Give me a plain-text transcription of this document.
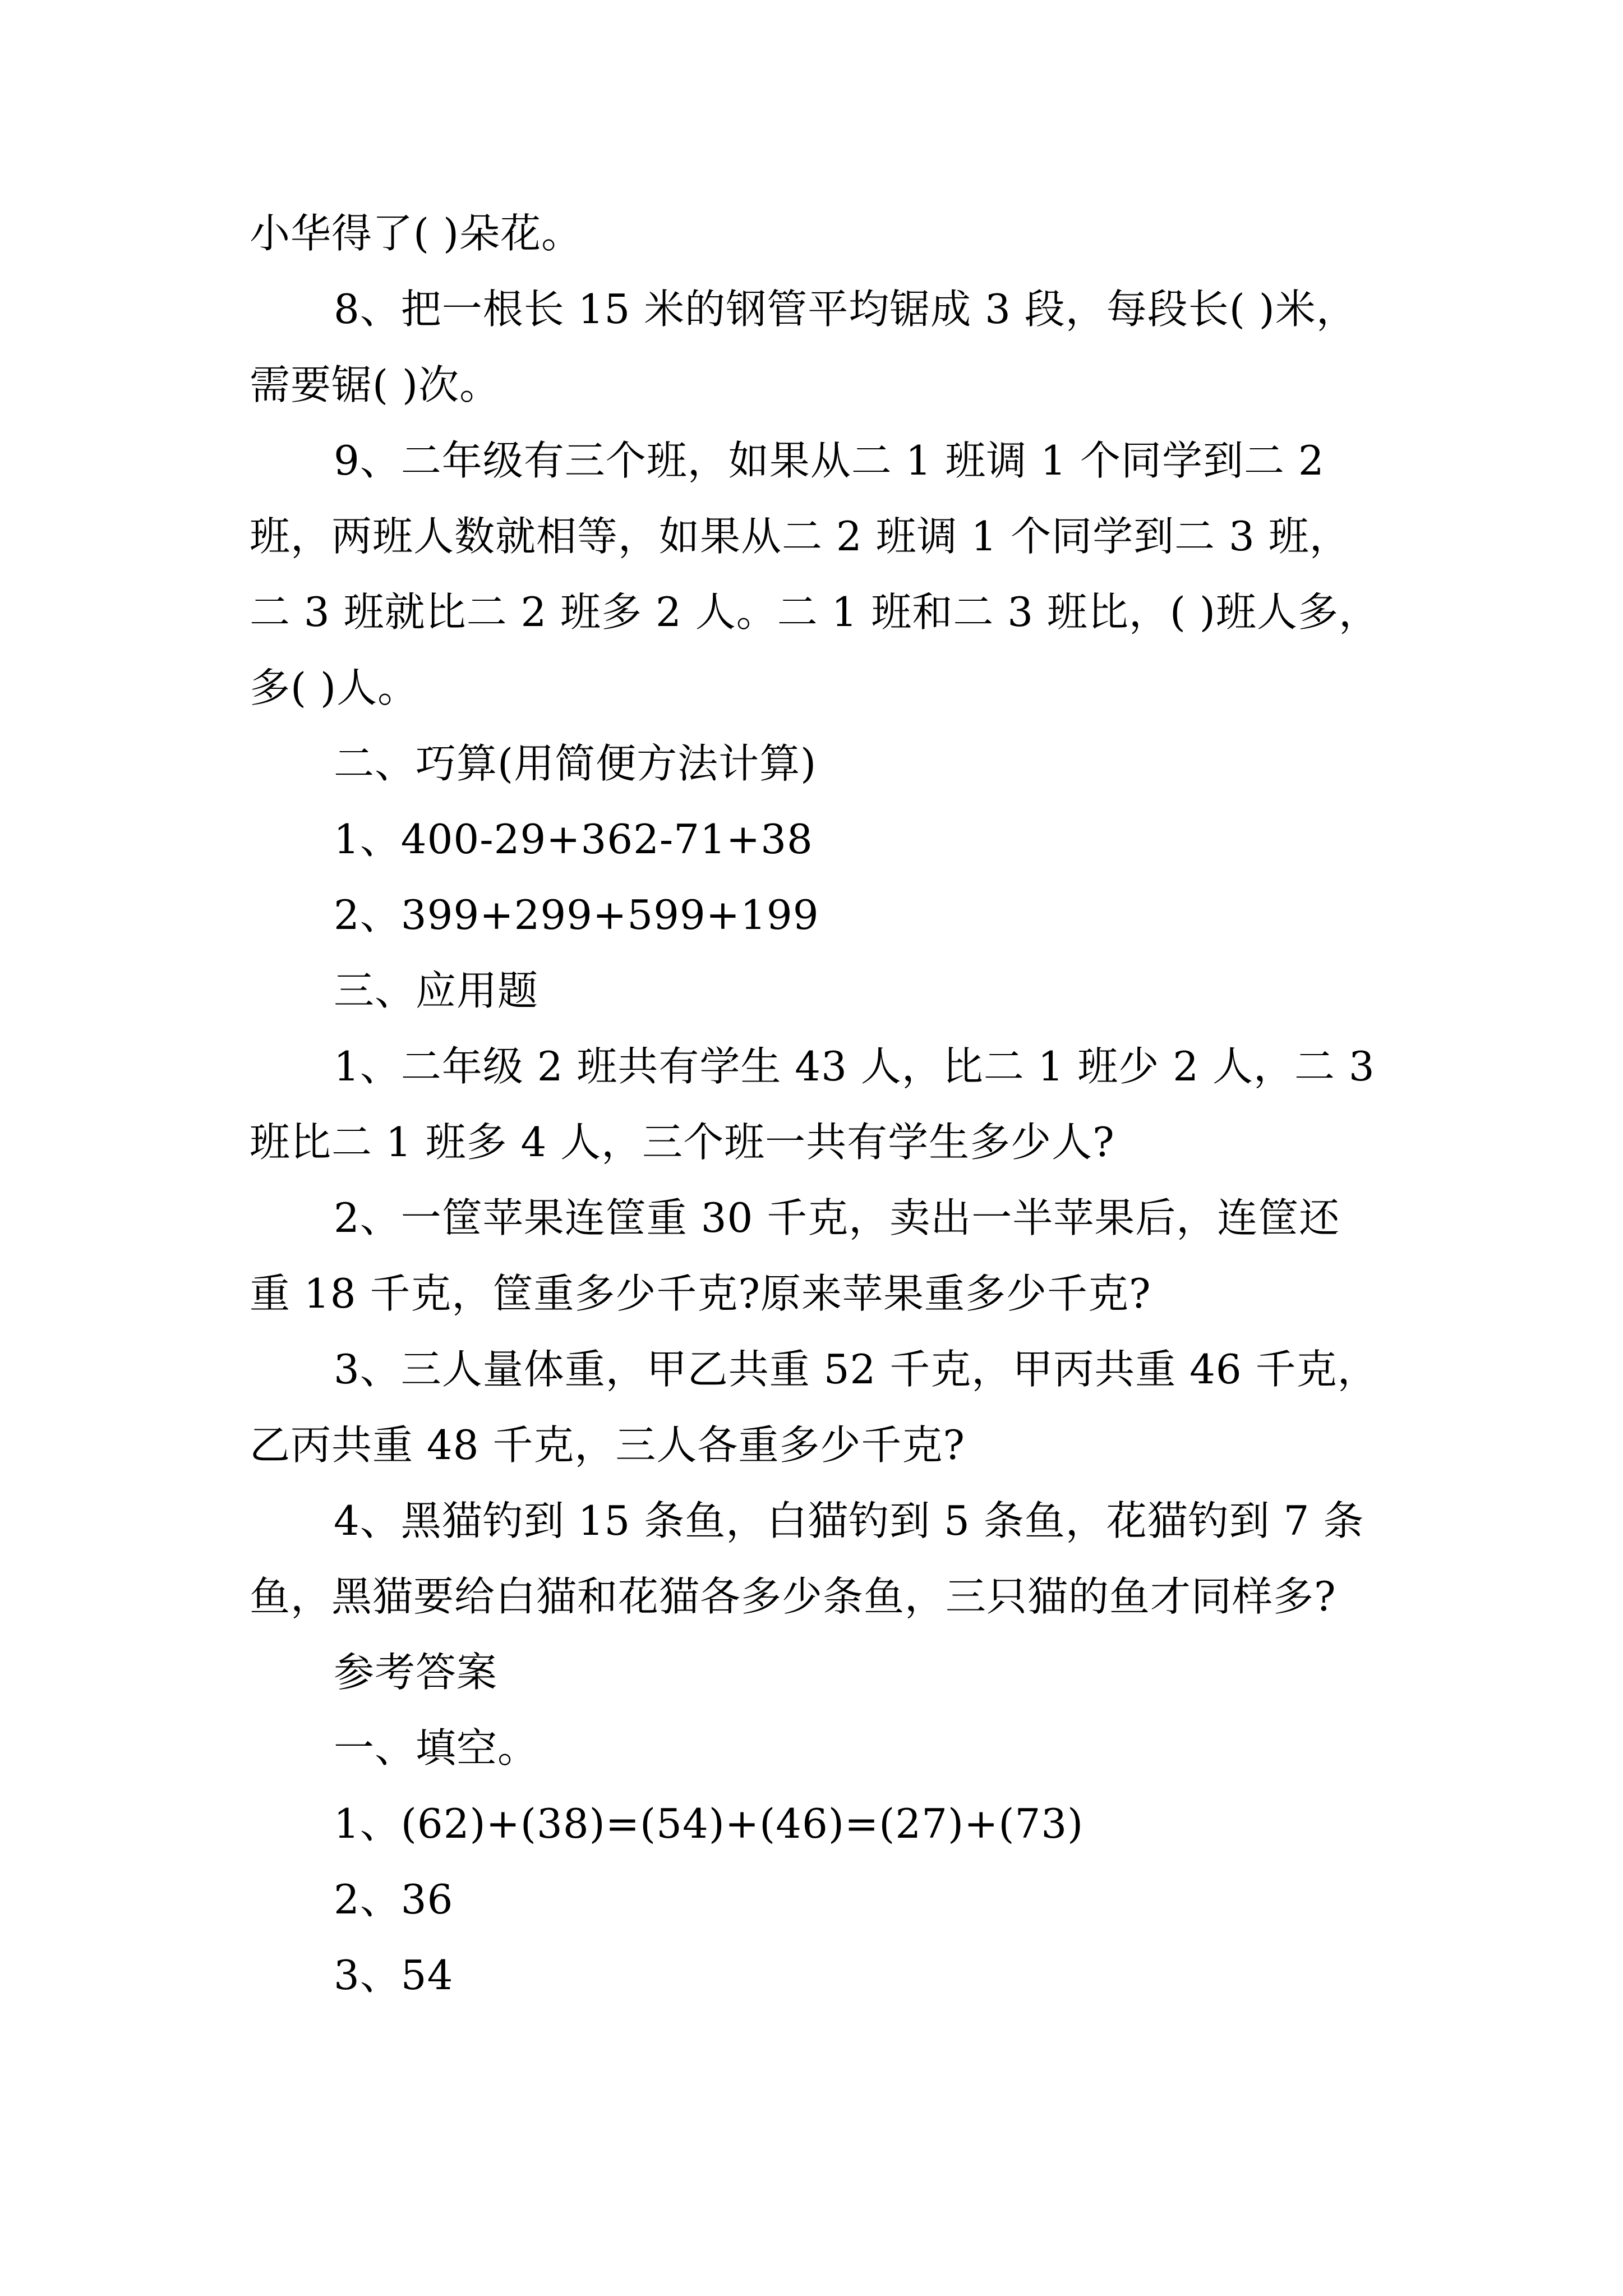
小华得了( )朵花。
8、把一根长 15 米的钢管平均锯成 3 段，每段长( )米，
需要锯( )次。
9、二年级有三个班，如果从二 1 班调 1 个同学到二 2
班，两班人数就相等，如果从二 2 班调 1 个同学到二 3 班，
二 3 班就比二 2 班多 2 人。二 1 班和二 3 班比，( )班人多，
多( )人。
二、巧算(用简便方法计算)
1、400-29+362-71+38
2、399+299+599+199
三、应用题
1、二年级 2 班共有学生 43 人，比二 1 班少 2 人，二 3
班比二 1 班多 4 人，三个班一共有学生多少人?
2、一筐苹果连筐重 30 千克，卖出一半苹果后，连筐还
重 18 千克，筐重多少千克?原来苹果重多少千克?
3、三人量体重，甲乙共重 52 千克，甲丙共重 46 千克，
乙丙共重 48 千克，三人各重多少千克?
4、黑猫钓到 15 条鱼，白猫钓到 5 条鱼，花猫钓到 7 条
鱼，黑猫要给白猫和花猫各多少条鱼，三只猫的鱼才同样多?
参考答案
一、填空。
1、(62)+(38)=(54)+(46)=(27)+(73)
2、36
3、54
